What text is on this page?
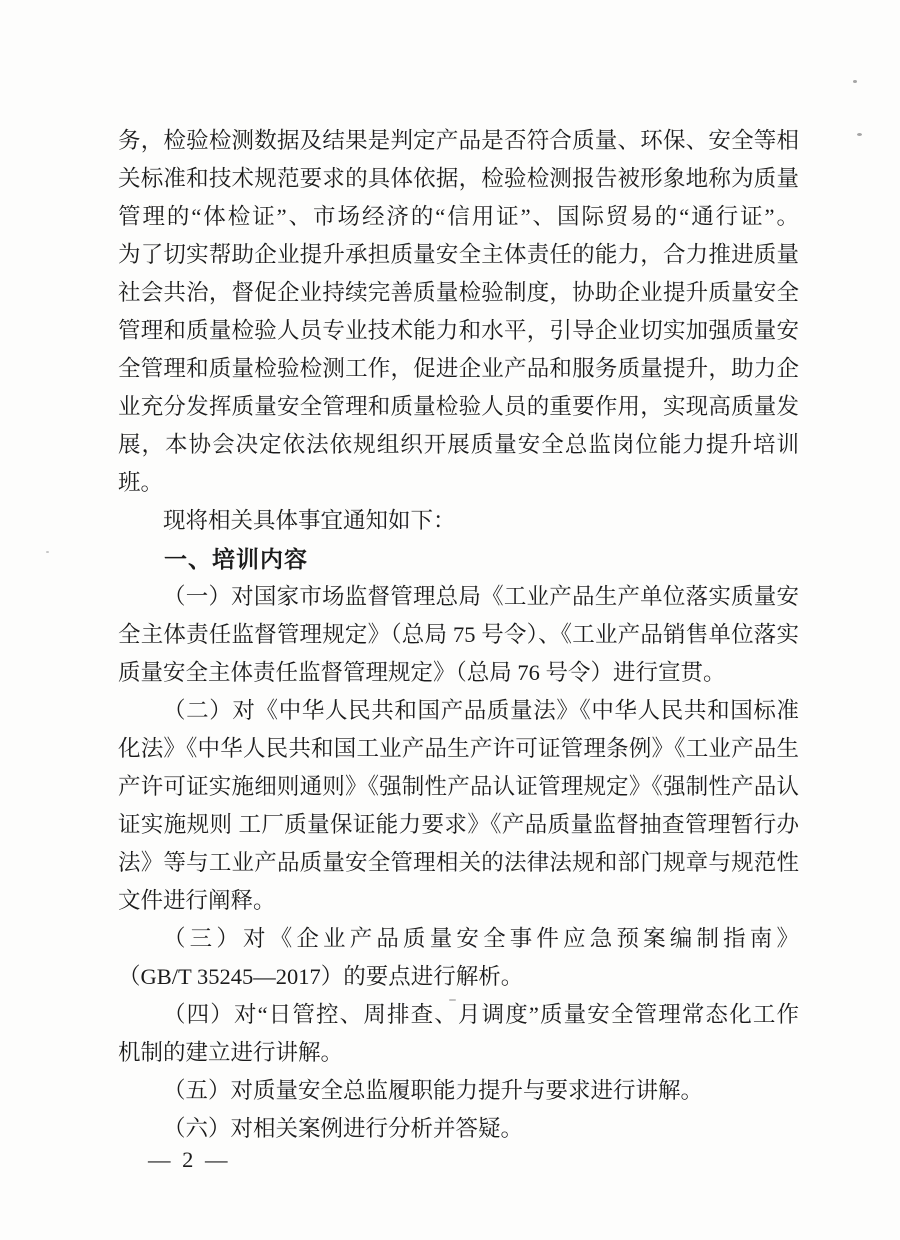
务，检验检测数据及结果是判定产品是否符合质量、环保、安全等相
关标准和技术规范要求的具体依据，检验检测报告被形象地称为质量
管理的“体检证”、市场经济的“信用证”、国际贸易的“通行证”。
为了切实帮助企业提升承担质量安全主体责任的能力，合力推进质量
社会共治，督促企业持续完善质量检验制度，协助企业提升质量安全
管理和质量检验人员专业技术能力和水平，引导企业切实加强质量安
全管理和质量检验检测工作，促进企业产品和服务质量提升，助力企
业充分发挥质量安全管理和质量检验人员的重要作用，实现高质量发
展，本协会决定依法依规组织开展质量安全总监岗位能力提升培训
班。
现将相关具体事宜通知如下：
一、培训内容
（一）对国家市场监督管理总局《工业产品生产单位落实质量安
全主体责任监督管理规定》（总局 75 号令）、《工业产品销售单位落实
质量安全主体责任监督管理规定》（总局 76 号令）进行宣贯。
（二）对《中华人民共和国产品质量法》《中华人民共和国标准
化法》《中华人民共和国工业产品生产许可证管理条例》《工业产品生
产许可证实施细则通则》《强制性产品认证管理规定》《强制性产品认
证实施规则 工厂质量保证能力要求》《产品质量监督抽查管理暂行办
法》等与工业产品质量安全管理相关的法律法规和部门规章与规范性
文件进行阐释。
（三）对《企业产品质量安全事件应急预案编制指南》
（GB/T 35245—2017）的要点进行解析。
（四）对“日管控、周排查、月调度”质量安全管理常态化工作
机制的建立进行讲解。
（五）对质量安全总监履职能力提升与要求进行讲解。
（六）对相关案例进行分析并答疑。
— 2 —
